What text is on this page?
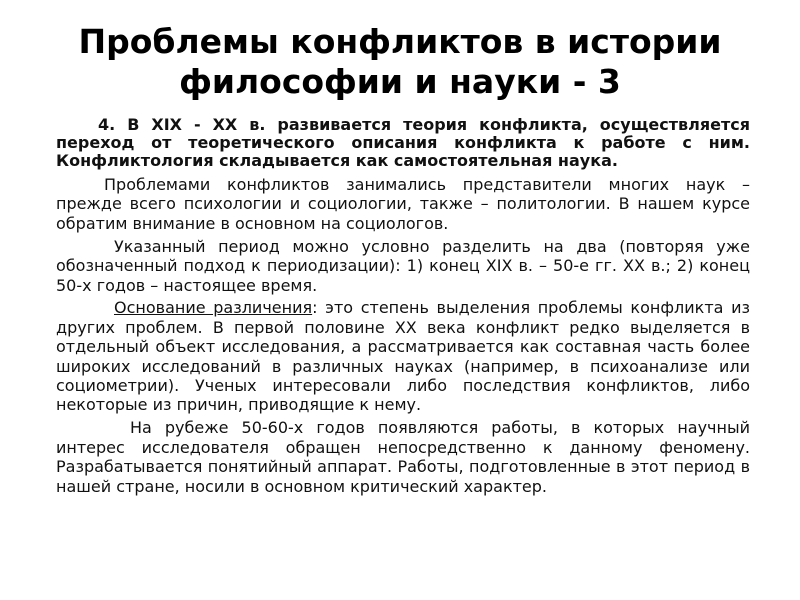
Проблемы конфликтов в истории
философии и науки - 3

4. В XIX - XX в. развивается теория конфликта, осуществляется переход от теоретического описания конфликта к работе с ним. Конфликтология складывается как самостоятельная наука.

Проблемами конфликтов занимались представители многих наук – прежде всего психологии и социологии, также – политологии. В нашем курсе обратим внимание в основном на социологов.

Указанный период можно условно разделить на два (повторяя уже обозначенный подход к периодизации): 1) конец XIX в. – 50-е гг. XX в.; 2) конец 50-х годов – настоящее время.

Основание различения: это степень выделения проблемы конфликта из других проблем. В первой половине XX века конфликт редко выделяется в отдельный объект исследования, а рассматривается как составная часть более широких исследований в различных науках (например, в психоанализе или социометрии). Ученых интересовали либо последствия конфликтов, либо некоторые из причин, приводящие к нему.

На рубеже 50-60-х годов появляются работы, в которых научный интерес исследователя обращен непосредственно к данному феномену. Разрабатывается понятийный аппарат. Работы, подготовленные в этот период в нашей стране, носили в основном критический характер.
